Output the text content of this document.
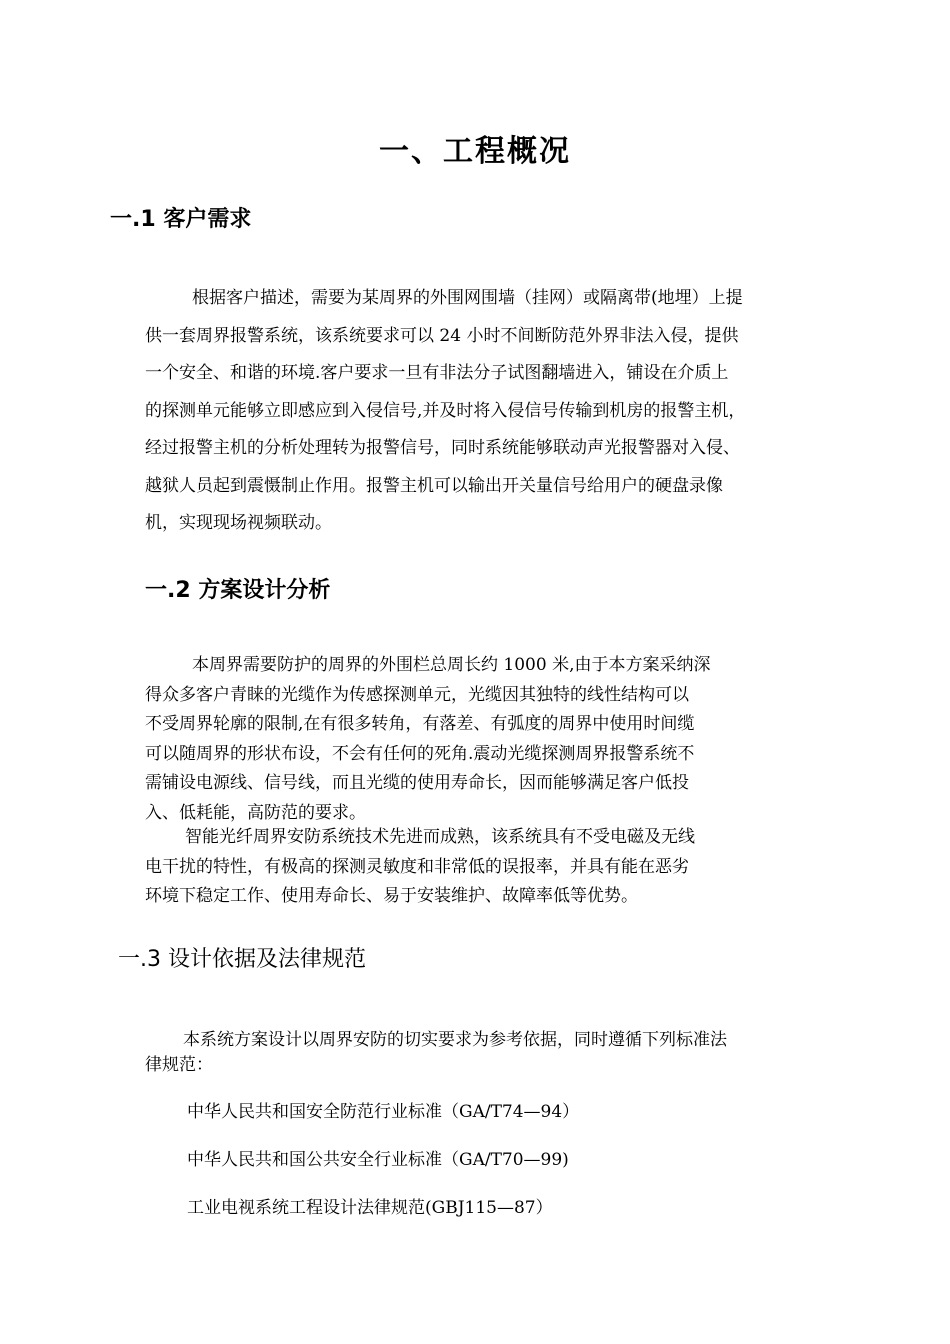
一、工程概况
一.1 客户需求
根据客户描述，需要为某周界的外围网围墙（挂网）或隔离带(地埋）上提
供一套周界报警系统，该系统要求可以 24 小时不间断防范外界非法入侵，提供
一个安全、和谐的环境.客户要求一旦有非法分子试图翻墙进入，铺设在介质上
的探测单元能够立即感应到入侵信号,并及时将入侵信号传输到机房的报警主机，
经过报警主机的分析处理转为报警信号，同时系统能够联动声光报警器对入侵、
越狱人员起到震慑制止作用。报警主机可以输出开关量信号给用户的硬盘录像
机，实现现场视频联动。
一.2 方案设计分析
本周界需要防护的周界的外围栏总周长约 1000 米,由于本方案采纳深
得众多客户青睐的光缆作为传感探测单元，光缆因其独特的线性结构可以
不受周界轮廓的限制,在有很多转角，有落差、有弧度的周界中使用时间缆
可以随周界的形状布设，不会有任何的死角.震动光缆探测周界报警系统不
需铺设电源线、信号线，而且光缆的使用寿命长，因而能够满足客户低投
入、低耗能，高防范的要求。
智能光纤周界安防系统技术先进而成熟，该系统具有不受电磁及无线
电干扰的特性，有极高的探测灵敏度和非常低的误报率，并具有能在恶劣
环境下稳定工作、使用寿命长、易于安装维护、故障率低等优势。
一.3 设计依据及法律规范
本系统方案设计以周界安防的切实要求为参考依据，同时遵循下列标准法
律规范：
中华人民共和国安全防范行业标准（GA/T74—94）
中华人民共和国公共安全行业标准（GA/T70—99)
工业电视系统工程设计法律规范(GBJ115—87）
